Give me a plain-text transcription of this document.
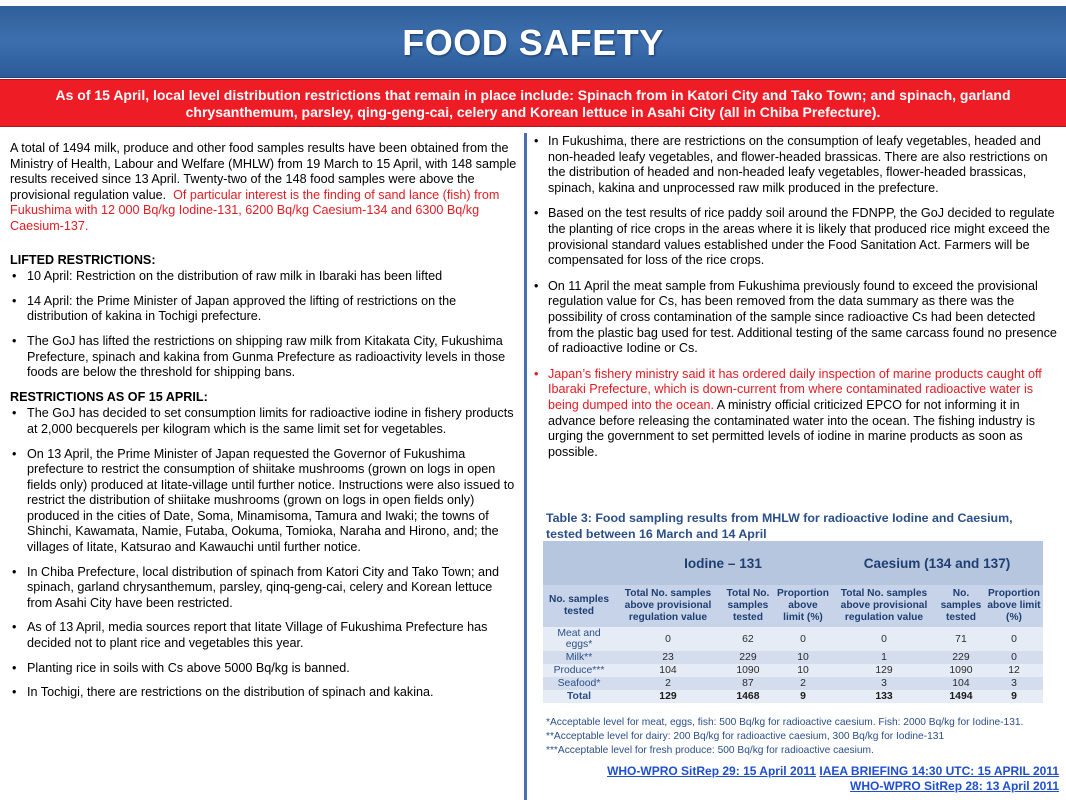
FOOD SAFETY
As of 15 April, local level distribution restrictions that remain in place include: Spinach from in Katori City and Tako Town; and spinach, garland chrysanthemum, parsley, qing-geng-cai, celery and Korean lettuce in Asahi City (all in Chiba Prefecture).
A total of 1494 milk, produce and other food samples results have been obtained from the Ministry of Health, Labour and Welfare (MHLW) from 19 March to 15 April, with 148 sample results received since 13 April. Twenty-two of the 148 food samples were above the provisional regulation value. Of particular interest is the finding of sand lance (fish) from Fukushima with 12 000 Bq/kg Iodine-131, 6200 Bq/kg Caesium-134 and 6300 Bq/kg Caesium-137.
LIFTED RESTRICTIONS:
• 10 April: Restriction on the distribution of raw milk in Ibaraki has been lifted
• 14 April: the Prime Minister of Japan approved the lifting of restrictions on the distribution of kakina in Tochigi prefecture.
• The GoJ has lifted the restrictions on shipping raw milk from Kitakata City, Fukushima Prefecture, spinach and kakina from Gunma Prefecture as radioactivity levels in those foods are below the threshold for shipping bans.
RESTRICTIONS AS OF 15 APRIL:
• The GoJ has decided to set consumption limits for radioactive iodine in fishery products at 2,000 becquerels per kilogram which is the same limit set for vegetables.
• On 13 April, the Prime Minister of Japan requested the Governor of Fukushima prefecture to restrict the consumption of shiitake mushrooms (grown on logs in open fields only) produced at Iitate-village until further notice. Instructions were also issued to restrict the distribution of shiitake mushrooms (grown on logs in open fields only) produced in the cities of Date, Soma, Minamisoma, Tamura and Iwaki; the towns of Shinchi, Kawamata, Namie, Futaba, Ookuma, Tomioka, Naraha and Hirono, and; the villages of Iitate, Katsurao and Kawauchi until further notice.
• In Chiba Prefecture, local distribution of spinach from Katori City and Tako Town; and spinach, garland chrysanthemum, parsley, qinq-geng-cai, celery and Korean lettuce from Asahi City have been restricted.
• As of 13 April, media sources report that Iitate Village of Fukushima Prefecture has decided not to plant rice and vegetables this year.
• Planting rice in soils with Cs above 5000 Bq/kg is banned.
• In Tochigi, there are restrictions on the distribution of spinach and kakina.
• In Fukushima, there are restrictions on the consumption of leafy vegetables, headed and non-headed leafy vegetables, and flower-headed brassicas. There are also restrictions on the distribution of headed and non-headed leafy vegetables, flower-headed brassicas, spinach, kakina and unprocessed raw milk produced in the prefecture.
• Based on the test results of rice paddy soil around the FDNPP, the GoJ decided to regulate the planting of rice crops in the areas where it is likely that produced rice might exceed the provisional standard values established under the Food Sanitation Act. Farmers will be compensated for loss of the rice crops.
• On 11 April the meat sample from Fukushima previously found to exceed the provisional regulation value for Cs, has been removed from the data summary as there was the possibility of cross contamination of the sample since radioactive Cs had been detected from the plastic bag used for test. Additional testing of the same carcass found no presence of radioactive Iodine or Cs.
• Japan’s fishery ministry said it has ordered daily inspection of marine products caught off Ibaraki Prefecture, which is down-current from where contaminated radioactive water is being dumped into the ocean. A ministry official criticized EPCO for not informing it in advance before releasing the contaminated water into the ocean. The fishing industry is urging the government to set permitted levels of iodine in marine products as soon as possible.
Table 3: Food sampling results from MHLW for radioactive Iodine and Caesium,
tested between 16 March and 14 April
	Iodine – 131			Caesium (134 and 137)		
No. samples tested	Total No. samples above provisional regulation value	Total No. samples tested	Proportion above limit (%)	Total No. samples above provisional regulation value	No. samples tested	Proportion above limit (%)
Meat and eggs*	0	62	0	0	71	0
Milk**	23	229	10	1	229	0
Produce***	104	1090	10	129	1090	12
Seafood*	2	87	2	3	104	3
Total	129	1468	9	133	1494	9
*Acceptable level for meat, eggs, fish: 500 Bq/kg for radioactive caesium. Fish: 2000 Bq/kg for Iodine-131.
**Acceptable level for dairy: 200 Bq/kg for radioactive caesium, 300 Bq/kg for Iodine-131
***Acceptable level for fresh produce: 500 Bq/kg for radioactive caesium.
WHO-WPRO SitRep 29: 15 April 2011 IAEA BRIEFING 14:30 UTC: 15 APRIL 2011
WHO-WPRO SitRep 28: 13 April 2011
